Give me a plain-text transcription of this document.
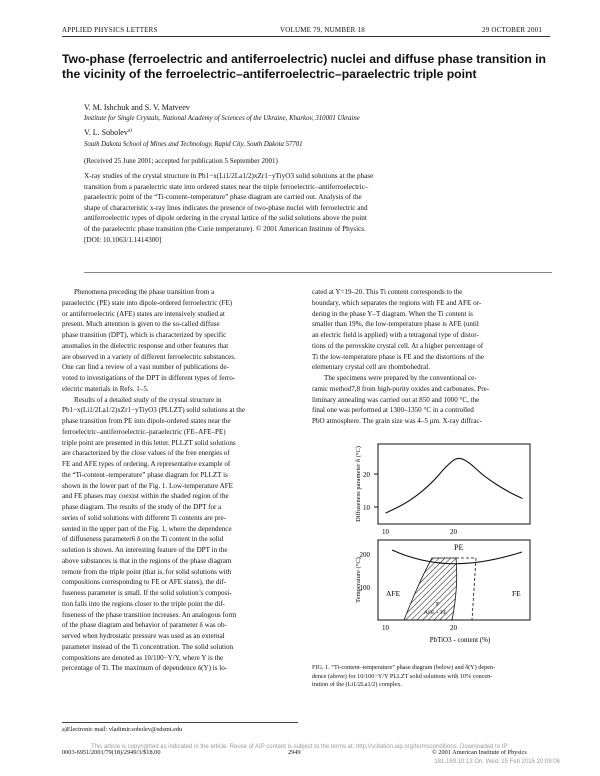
APPLIED PHYSICS LETTERS	VOLUME 79, NUMBER 18	29 OCTOBER 2001
Two-phase (ferroelectric and antiferroelectric) nuclei and diffuse phase transition in the vicinity of the ferroelectric–antiferroelectric–paraelectric triple point
V. M. Ishchuk and S. V. Matveev
Institute for Single Crystals, National Academy of Sciences of the Ukraine, Kharkov, 310001 Ukraine
V. L. Sobolev$^{a)}$
South Dakota School of Mines and Technology, Rapid City, South Dakota 57701
(Received 25 June 2001; accepted for publication 5 September 2001)
X-ray studies of the crystal structure in Pb1−x(Li1/2La1/2)xZr1−yTiyO3 solid solutions at the phase
transition from a paraelectric state into ordered states near the triple ferroelectric–antiferroelectric–
paraelectric point of the “Ti-content–temperature” phase diagram are carried out. Analysis of the
shape of characteristic x-ray lines indicates the presence of two-phase nuclei with ferroelectric and
antiferroelectric types of dipole ordering in the crystal lattice of the solid solutions above the point
of the paraelectric phase transition (the Curie temperature). © 2001 American Institute of Physics.
[DOI: 10.1063/1.1414300]
Phenomena preceding the phase transition from a
paraelectric (PE) state into dipole-ordered ferroelectric (FE)
or antiferroelectric (AFE) states are intensively studied at
present. Much attention is given to the so-called diffuse
phase transition (DPT), which is characterized by specific
anomalies in the dielectric response and other features that
are observed in a variety of different ferroelectric substances.
One can find a review of a vast number of publications de-
voted to investigations of the DPT in different types of ferro-
electric materials in Refs. 1–5.
Results of a detailed study of the crystal structure in
Pb1−x(Li1/2La1/2)xZr1−yTiyO3 (PLLZT) solid solutions at the
phase transition from PE into dipole-ordered states near the
ferroelectric–antiferroelectric–paraelectric (FE–AFE–PE)
triple point are presented in this letter. PLLZT solid solutions
are characterized by the close values of the free energies of
FE and AFE types of ordering. A representative example of
the “Ti-content–temperature” phase diagram for PLLZT is
shown in the lower part of the Fig. 1. Low-temperature AFE
and FE phases may coexist within the shaded region of the
phase diagram. The results of the study of the DPT for a
series of solid solutions with different Ti contents are pre-
sented in the upper part of the Fig. 1, where the dependence
of diffuseness parameter6 δ on the Ti content in the solid
solution is shown. An interesting feature of the DPT in the
above substances is that in the regions of the phase diagram
remote from the triple point (that is, for solid solutions with
compositions corresponding to FE or AFE states), the dif-
fuseness parameter is small. If the solid solution’s composi-
tion falls into the regions closer to the triple point the dif-
fuseness of the phase transition increases. An analogous form
of the phase diagram and behavior of parameter δ was ob-
served when hydrostatic pressure was used as an external
parameter instead of the Ti concentration. The solid solution
compositions are denoted as 10/100−Y/Y, where Y is the
percentage of Ti. The maximum of dependence δ(Y) is lo-
cated at Y=19–20. This Ti content corresponds to the
boundary, which separates the regions with FE and AFE or-
dering in the phase Y–T diagram. When the Ti content is
smaller than 19%, the low-temperature phase is AFE (until
an electric field is applied) with a tetragonal type of distor-
tions of the perovskite crystal cell. At a higher percentage of
Ti the low-temperature phase is FE and the distortions of the
elementary crystal cell are rhombohedral.
The specimens were prepared by the conventional ce-
ramic method7,8 from high-purity oxides and carbonates. Pre-
liminary annealing was carried out at 850 and 1000 °C, the
final one was performed at 1300–1350 °C in a controlled
PbO atmosphere. The grain size was 4–5 μm. X-ray diffrac-
20
10
Diffuseness parameter δ (°C)
10	20
200
100
Temperature (°C)
PE
AFE	FE
F
AFE + FE
10	20
PbTiO3 - content (%)
FIG. 1. “Ti-content–temperature” phase diagram (below) and δ(Y) depen-
dence (above) for 10/100−Y/Y PLLZT solid solutions with 10% concen-
tration of the (Li1/2La1/2) complex.
a)Electronic mail: vladimir.sobolev@sdsmt.edu
0003-6951/2001/79(18)/2949/3/$18.00	2949	© 2001 American Institute of Physics
This article is copyrighted as indicated in the article. Reuse of AIP content is subject to the terms at: http://scitation.aip.org/termsconditions. Downloaded to IP:
181.169.10.13 On: Wed, 25 Feb 2015 20:09:06
